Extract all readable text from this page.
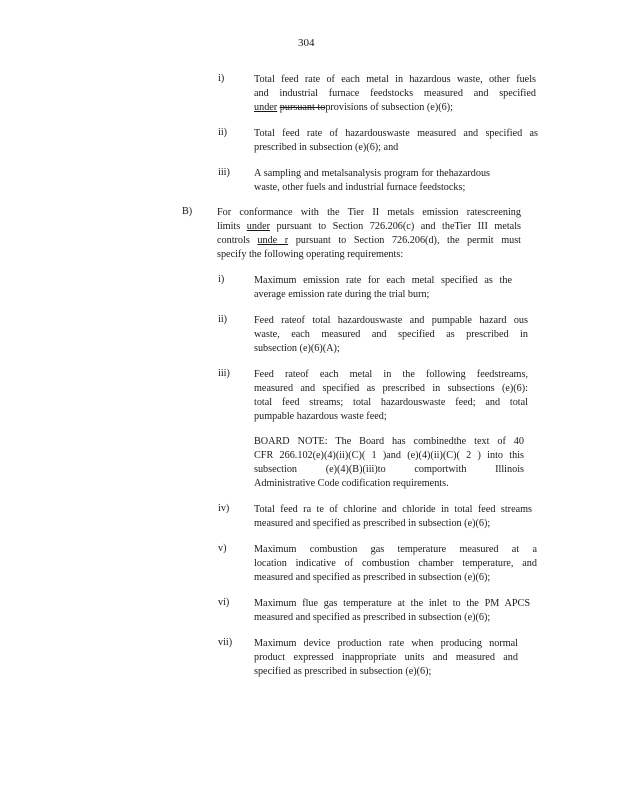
304
i)	Total feed rate of each metal in hazardous waste, other fuels
and industrial furnace feedstocks measured and specified
under pursuant toprovisions of subsection (e)(6);
ii)	Total feed rate of hazardouswaste measured and specified as
prescribed in subsection (e)(6); and
iii) A sampling and metalsanalysis program for thehazardous
waste, other fuels and industrial furnace feedstocks;
B) For conformance with the Tier II metals emission ratescreening
limits under pursuant to Section 726.206(c) and theTier III metals
controls unde r pursuant to Section 726.206(d), the permit must
specify the following operating requirements:
i)	Maximum emission rate for each metal specified as the
average emission rate during the trial burn;
ii)	Feed rateof total hazardouswaste and pumpable hazard ous
waste, each measured and specified as prescribed in
subsection (e)(6)(A);
iii) Feed rateof each metal in the following feedstreams,
measured and specified as prescribed in subsections (e)(6):
total feed streams; total hazardouswaste feed; and total
pumpable hazardous waste feed;
BOARD NOTE: The Board has combinedthe text of 40
CFR 266.102(e)(4)(ii)(C)( 1 )and (e)(4)(ii)(C)( 2 ) into this
subsection (e)(4)(B)(iii)to comportwith Illinois
Administrative Code codification requirements.
iv) Total feed ra te of chlorine and chloride in total feed streams
measured and specified as prescribed in subsection (e)(6);
v)	Maximum combustion gas temperature measured at a
location indicative of combustion chamber temperature, and
measured and specified as prescribed in subsection (e)(6);
vi) Maximum flue gas temperature at the inlet to the PM APCS
measured and specified as prescribed in subsection (e)(6);
vii) Maximum device production rate when producing normal
product expressed inappropriate units and measured and
specified as prescribed in subsection (e)(6);
